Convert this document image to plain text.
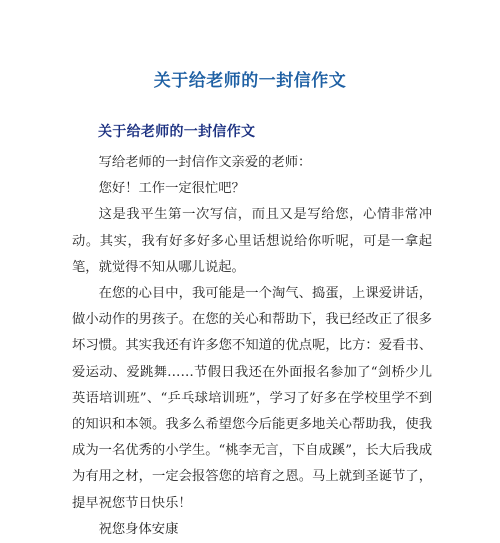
关于给老师的一封信作文
关于给老师的一封信作文

写给老师的一封信作文亲爱的老师：

您好！工作一定很忙吧？

这是我平生第一次写信，而且又是写给您，心情非常冲动。其实，我有好多好多心里话想说给你听呢，可是一拿起笔，就觉得不知从哪儿说起。

在您的心目中，我可能是一个淘气、捣蛋，上课爱讲话，做小动作的男孩子。在您的关心和帮助下，我已经改正了很多坏习惯。其实我还有许多您不知道的优点呢，比方：爱看书、爱运动、爱跳舞……节假日我还在外面报名参加了“剑桥少儿英语培训班”、“乒乓球培训班”，学习了好多在学校里学不到的知识和本领。我多么希望您今后能更多地关心帮助我，使我成为一名优秀的小学生。“桃李无言，下自成蹊”，长大后我成为有用之材，一定会报答您的培育之恩。马上就到圣诞节了，提早祝您节日快乐！

祝您身体安康
